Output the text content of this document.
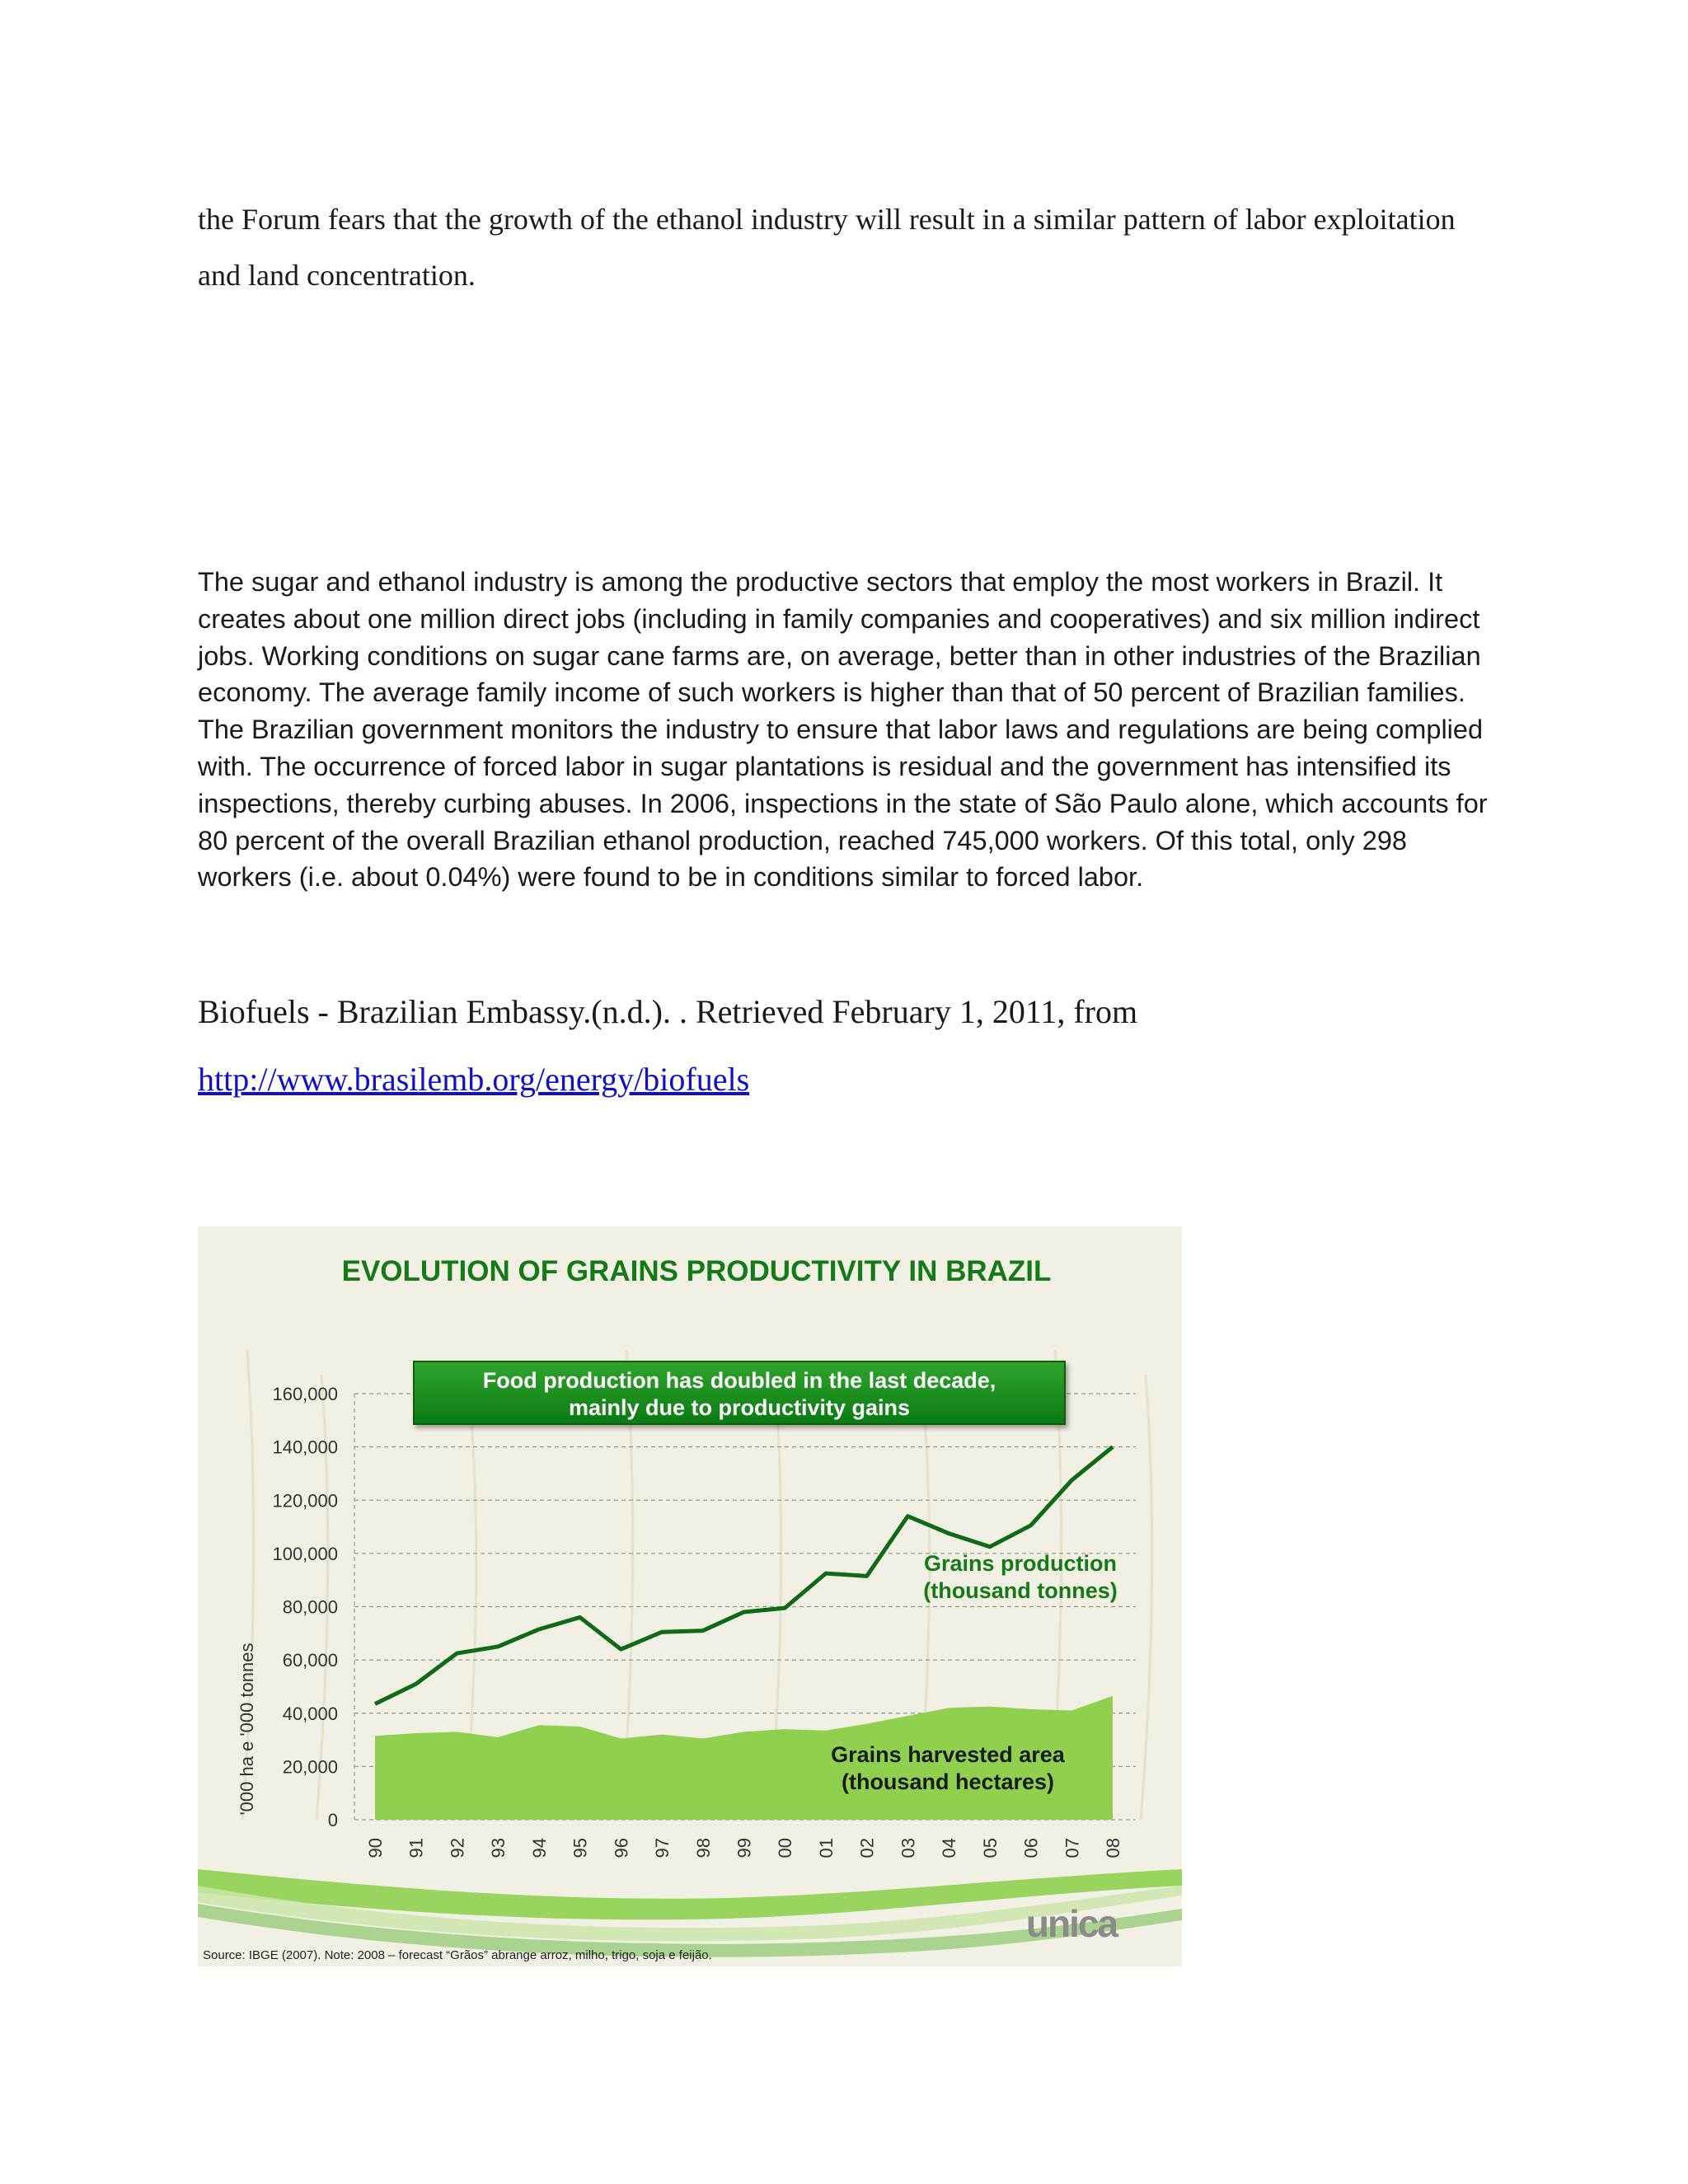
the Forum fears that the growth of the ethanol industry will result in a similar pattern of labor exploitation and land concentration.

The sugar and ethanol industry is among the productive sectors that employ the most workers in Brazil. It creates about one million direct jobs (including in family companies and cooperatives) and six million indirect jobs. Working conditions on sugar cane farms are, on average, better than in other industries of the Brazilian economy. The average family income of such workers is higher than that of 50 percent of Brazilian families. The Brazilian government monitors the industry to ensure that labor laws and regulations are being complied with. The occurrence of forced labor in sugar plantations is residual and the government has intensified its inspections, thereby curbing abuses. In 2006, inspections in the state of São Paulo alone, which accounts for 80 percent of the overall Brazilian ethanol production, reached 745,000 workers. Of this total, only 298 workers (i.e. about 0.04%) were found to be in conditions similar to forced labor.

Biofuels - Brazilian Embassy.(n.d.). . Retrieved February 1, 2011, from

http://www.brasilemb.org/energy/biofuels
EVOLUTION OF GRAINS PRODUCTIVITY IN BRAZIL
0
20,000
40,000
60,000
80,000
100,000
120,000
140,000
160,000
90 91 92 93 94 95 96 97 98 99 00 01 02 03 04 05 06 07 08
'000 ha e '000 tonnes
Food production has doubled in the last decade,
mainly due to productivity gains
Grains production
(thousand tonnes)
Grains harvested area
(thousand hectares)
unica
Source: IBGE (2007). Note: 2008 – forecast “Grãos” abrange arroz, milho, trigo, soja e feijão.
